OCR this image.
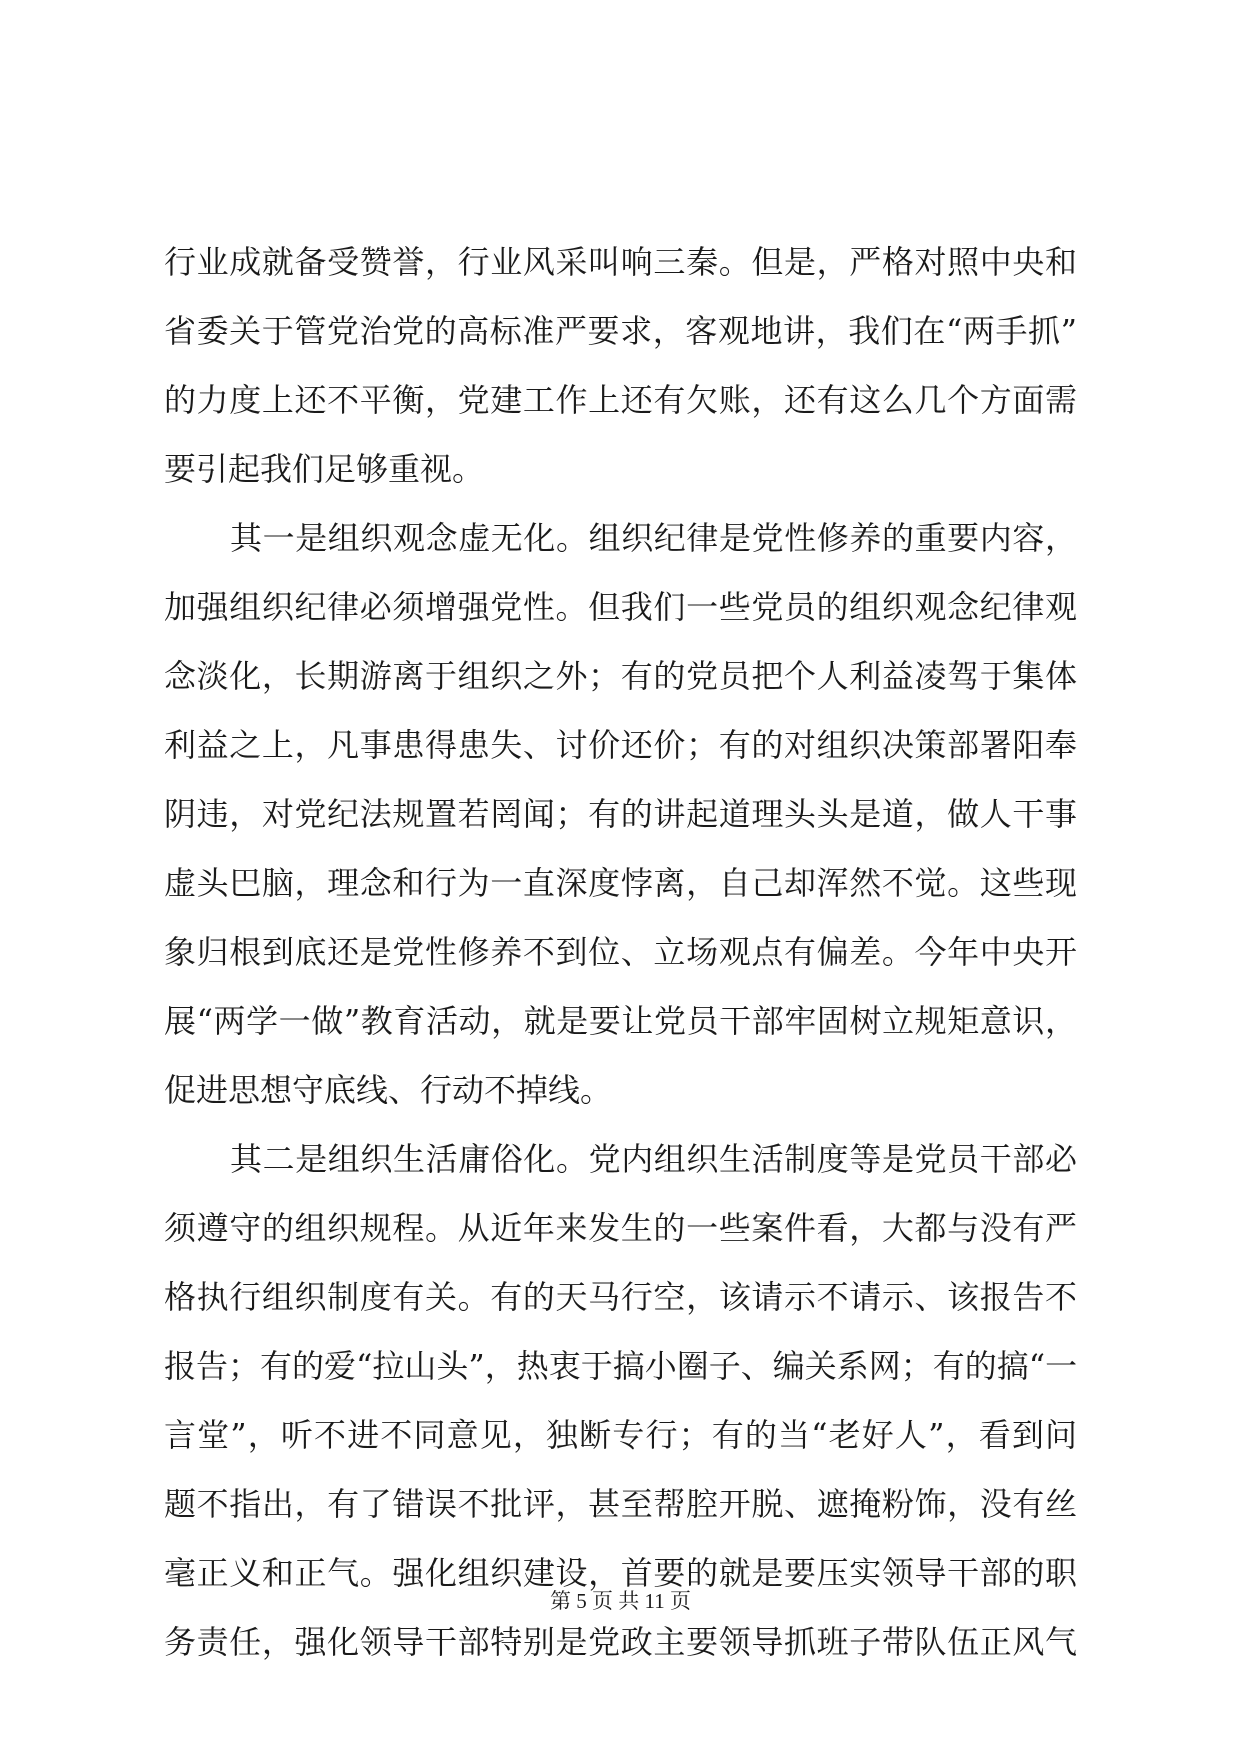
行业成就备受赞誉，行业风采叫响三秦。但是，严格对照中央和
省委关于管党治党的高标准严要求，客观地讲，我们在“两手抓”
的力度上还不平衡，党建工作上还有欠账，还有这么几个方面需
要引起我们足够重视。
其一是组织观念虚无化。组织纪律是党性修养的重要内容，
加强组织纪律必须增强党性。但我们一些党员的组织观念纪律观
念淡化，长期游离于组织之外；有的党员把个人利益凌驾于集体
利益之上，凡事患得患失、讨价还价；有的对组织决策部署阳奉
阴违，对党纪法规置若罔闻；有的讲起道理头头是道，做人干事
虚头巴脑，理念和行为一直深度悖离，自己却浑然不觉。这些现
象归根到底还是党性修养不到位、立场观点有偏差。今年中央开
展“两学一做”教育活动，就是要让党员干部牢固树立规矩意识，
促进思想守底线、行动不掉线。
其二是组织生活庸俗化。党内组织生活制度等是党员干部必
须遵守的组织规程。从近年来发生的一些案件看，大都与没有严
格执行组织制度有关。有的天马行空，该请示不请示、该报告不
报告；有的爱“拉山头”，热衷于搞小圈子、编关系网；有的搞“一
言堂”，听不进不同意见，独断专行；有的当“老好人”，看到问
题不指出，有了错误不批评，甚至帮腔开脱、遮掩粉饰，没有丝
毫正义和正气。强化组织建设，首要的就是要压实领导干部的职
务责任，强化领导干部特别是党政主要领导抓班子带队伍正风气
第 5 页 共 11 页
